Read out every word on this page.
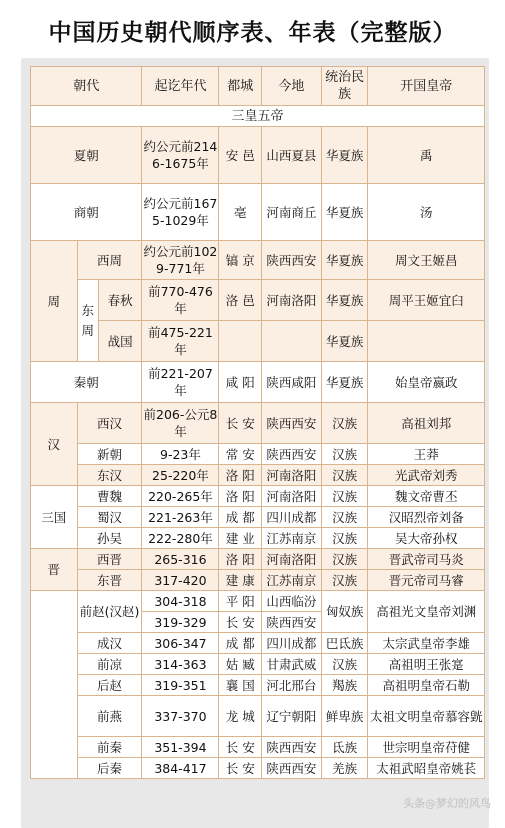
中国历史朝代顺序表、年表（完整版）
朝代			起讫年代	都城	今地	统治民族	开国皇帝
三皇五帝							
夏朝			约公元前2146-1675年	安 邑	山西夏县	华夏族	禹
商朝			约公元前1675-1029年	亳	河南商丘	华夏族	汤
周	西周		约公元前1029-771年	镐 京	陕西西安	华夏族	周文王姬昌
	东周	春秋	前770-476年	洛 邑	河南洛阳	华夏族	周平王姬宜臼
		战国	前475-221年			华夏族	
秦朝			前221-207年	咸 阳	陕西咸阳	华夏族	始皇帝嬴政
汉	西汉		前206-公元8年	长 安	陕西西安	汉族	高祖刘邦
	新朝		9-23年	常 安	陕西西安	汉族	王莽
	东汉		25-220年	洛 阳	河南洛阳	汉族	光武帝刘秀
三国	曹魏		220-265年	洛 阳	河南洛阳	汉族	魏文帝曹丕
	蜀汉		221-263年	成 都	四川成都	汉族	汉昭烈帝刘备
	孙吴		222-280年	建 业	江苏南京	汉族	吴大帝孙权
晋	西晋		265-316	洛 阳	河南洛阳	汉族	晋武帝司马炎
	东晋		317-420	建 康	江苏南京	汉族	晋元帝司马睿
	前赵(汉赵)		304-318	平 阳	山西临汾	匈奴族	高祖光文皇帝刘渊
			319-329	长 安	陕西西安		
	成汉		306-347	成 都	四川成都	巴氐族	太宗武皇帝李雄
	前凉		314-363	姑 臧	甘肃武威	汉族	高祖明王张寔
	后赵		319-351	襄 国	河北邢台	羯族	高祖明皇帝石勒
	前燕		337-370	龙 城	辽宁朝阳	鲜卑族	太祖文明皇帝慕容皝
	前秦		351-394	长 安	陕西西安	氐族	世宗明皇帝苻健
	后秦		384-417	长 安	陕西西安	羌族	太祖武昭皇帝姚苌
头条@梦幻的风鸟
